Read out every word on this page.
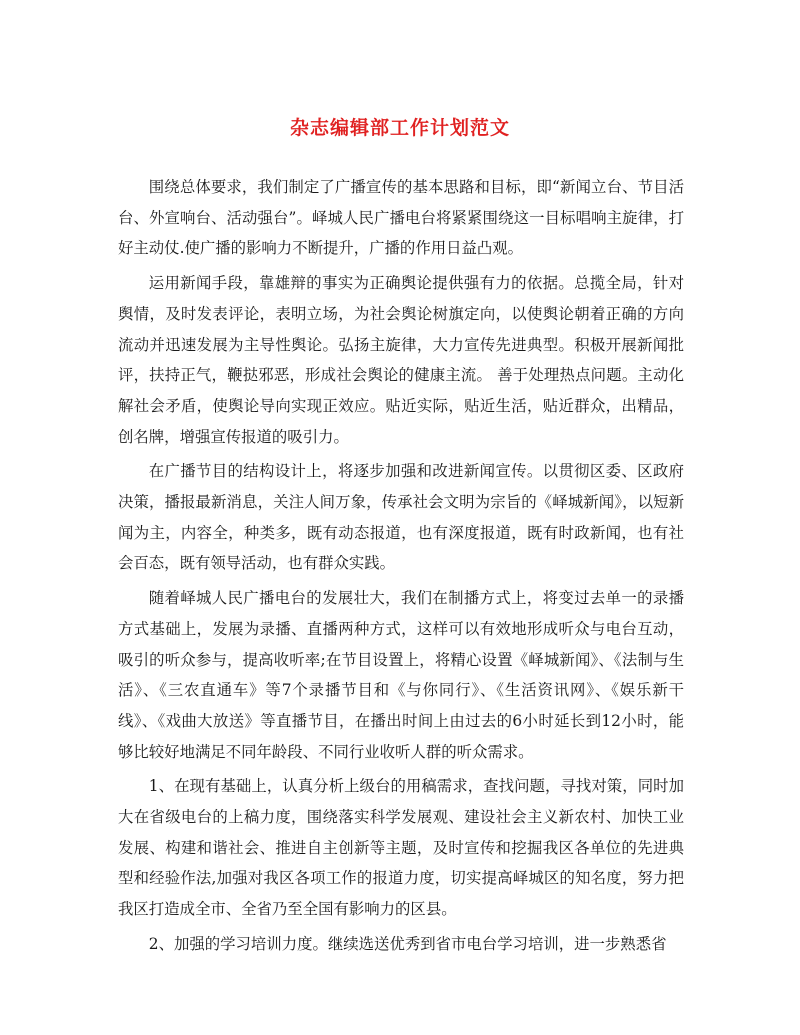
杂志编辑部工作计划范文

围绕总体要求，我们制定了广播宣传的基本思路和目标，即“新闻立台、节目活台、外宣响台、活动强台”。峄城人民广播电台将紧紧围绕这一目标唱响主旋律，打好主动仗.使广播的影响力不断提升，广播的作用日益凸观。

运用新闻手段，靠雄辩的事实为正确舆论提供强有力的依据。总揽全局，针对舆情，及时发表评论，表明立场，为社会舆论树旗定向，以使舆论朝着正确的方向流动并迅速发展为主导性舆论。弘扬主旋律，大力宣传先进典型。积极开展新闻批评，扶持正气，鞭挞邪恶，形成社会舆论的健康主流。 善于处理热点问题。主动化解社会矛盾，使舆论导向实现正效应。贴近实际，贴近生活，贴近群众，出精品，创名牌，增强宣传报道的吸引力。

在广播节目的结构设计上，将逐步加强和改进新闻宣传。以贯彻区委、区政府决策，播报最新消息，关注人间万象，传承社会文明为宗旨的《峄城新闻》，以短新闻为主，内容全，种类多，既有动态报道，也有深度报道，既有时政新闻，也有社会百态，既有领导活动，也有群众实践。

随着峄城人民广播电台的发展壮大，我们在制播方式上，将变过去单一的录播方式基础上，发展为录播、直播两种方式，这样可以有效地形成听众与电台互动，吸引的听众参与，提高收听率;在节目设置上，将精心设置《峄城新闻》、《法制与生活》、《三农直通车》等7个录播节目和《与你同行》、《生活资讯网》、《娱乐新干线》、《戏曲大放送》等直播节目，在播出时间上由过去的6小时延长到12小时，能够比较好地满足不同年龄段、不同行业收听人群的听众需求。

1、在现有基础上，认真分析上级台的用稿需求，查找问题，寻找对策，同时加大在省级电台的上稿力度，围绕落实科学发展观、建设社会主义新农村、加快工业发展、构建和谐社会、推进自主创新等主题，及时宣传和挖掘我区各单位的先进典型和经验作法,加强对我区各项工作的报道力度，切实提高峄城区的知名度，努力把我区打造成全市、全省乃至全国有影响力的区县。

2、加强的学习培训力度。继续选送优秀到省市电台学习培训，进一步熟悉省
